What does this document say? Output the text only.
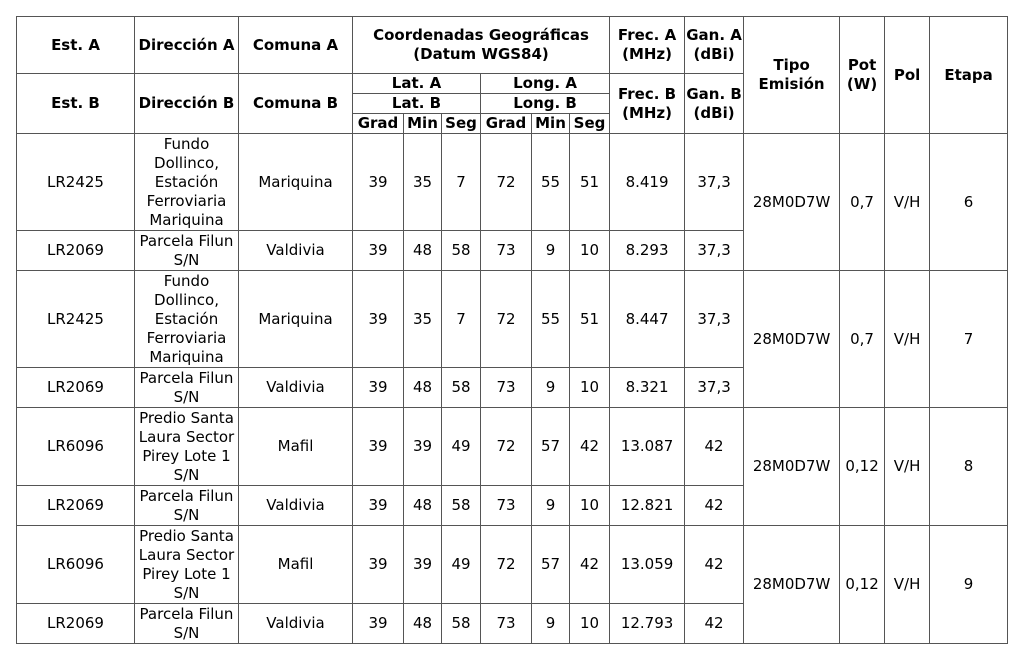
Est. A	Dirección A	Comuna A	Coordenadas Geográficas (Datum WGS84)						Frec. A (MHz)	Gan. A (dBi)	Tipo Emisión	Pot (W)	Pol	Etapa
Est. B	Dirección B	Comuna B	Lat. A			Long. A			Frec. B (MHz)	Gan. B (dBi)				
			Lat. B			Long. B								
			Grad	Min	Seg	Grad	Min	Seg						
LR2425	Fundo Dollinco, Estación Ferroviaria Mariquina	Mariquina	39	35	7	72	55	51	8.419	37,3	28M0D7W	0,7	V/H	6
LR2069	Parcela Filun S/N	Valdivia	39	48	58	73	9	10	8.293	37,3				
LR2425	Fundo Dollinco, Estación Ferroviaria Mariquina	Mariquina	39	35	7	72	55	51	8.447	37,3	28M0D7W	0,7	V/H	7
LR2069	Parcela Filun S/N	Valdivia	39	48	58	73	9	10	8.321	37,3				
LR6096	Predio Santa Laura Sector Pirey Lote 1 S/N	Mafil	39	39	49	72	57	42	13.087	42	28M0D7W	0,12	V/H	8
LR2069	Parcela Filun S/N	Valdivia	39	48	58	73	9	10	12.821	42				
LR6096	Predio Santa Laura Sector Pirey Lote 1 S/N	Mafil	39	39	49	72	57	42	13.059	42	28M0D7W	0,12	V/H	9
LR2069	Parcela Filun S/N	Valdivia	39	48	58	73	9	10	12.793	42				
